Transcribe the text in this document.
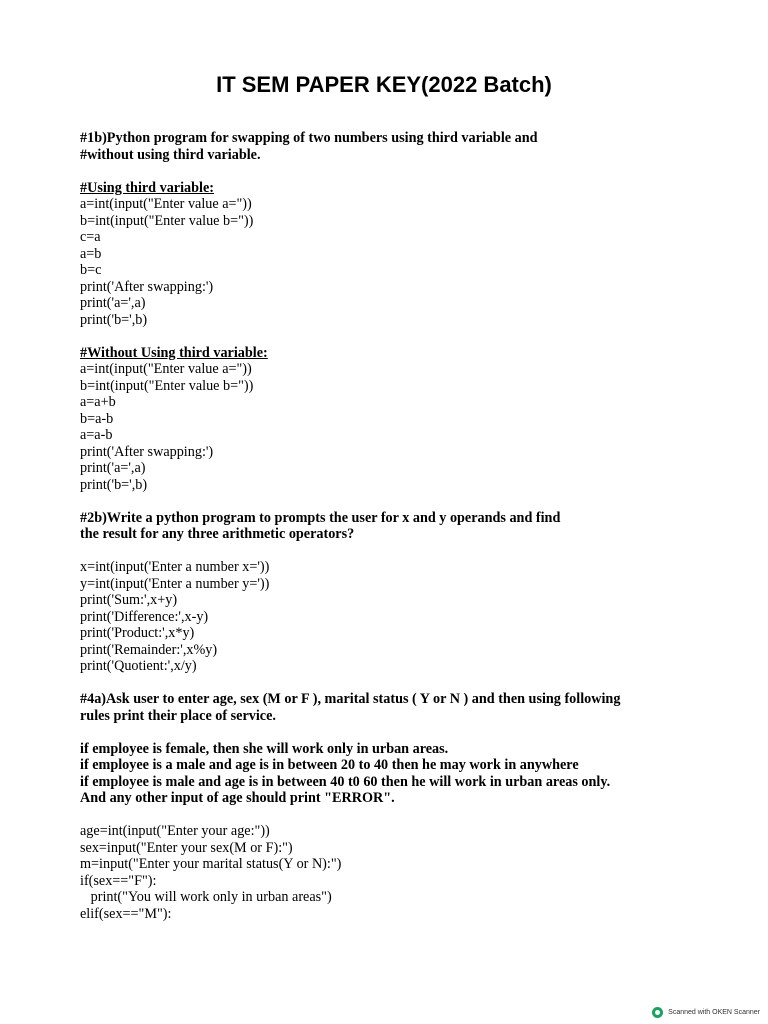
IT SEM PAPER KEY(2022 Batch)
#1b)Python program for swapping of two numbers using third variable and
#without using third variable.
#Using third variable:
a=int(input("Enter value a="))
b=int(input("Enter value b="))
c=a
a=b
b=c
print('After swapping:')
print('a=',a)
print('b=',b)
#Without Using third variable:
a=int(input("Enter value a="))
b=int(input("Enter value b="))
a=a+b
b=a-b
a=a-b
print('After swapping:')
print('a=',a)
print('b=',b)
#2b)Write a python program to prompts the user for x and y operands and find
the result for any three arithmetic operators?
x=int(input('Enter a number x='))
y=int(input('Enter a number y='))
print('Sum:',x+y)
print('Difference:',x-y)
print('Product:',x*y)
print('Remainder:',x%y)
print('Quotient:',x/y)
#4a)Ask user to enter age, sex (M or F ), marital status ( Y or N ) and then using following
rules print their place of service.
if employee is female, then she will work only in urban areas.
if employee is a male and age is in between 20 to 40 then he may work in anywhere
if employee is male and age is in between 40 t0 60 then he will work in urban areas only.
And any other input of age should print "ERROR".
age=int(input("Enter your age:"))
sex=input("Enter your sex(M or F):")
m=input("Enter your marital status(Y or N):")
if(sex=="F"):
print("You will work only in urban areas")
elif(sex=="M"):
Scanned with OKEN Scanner
